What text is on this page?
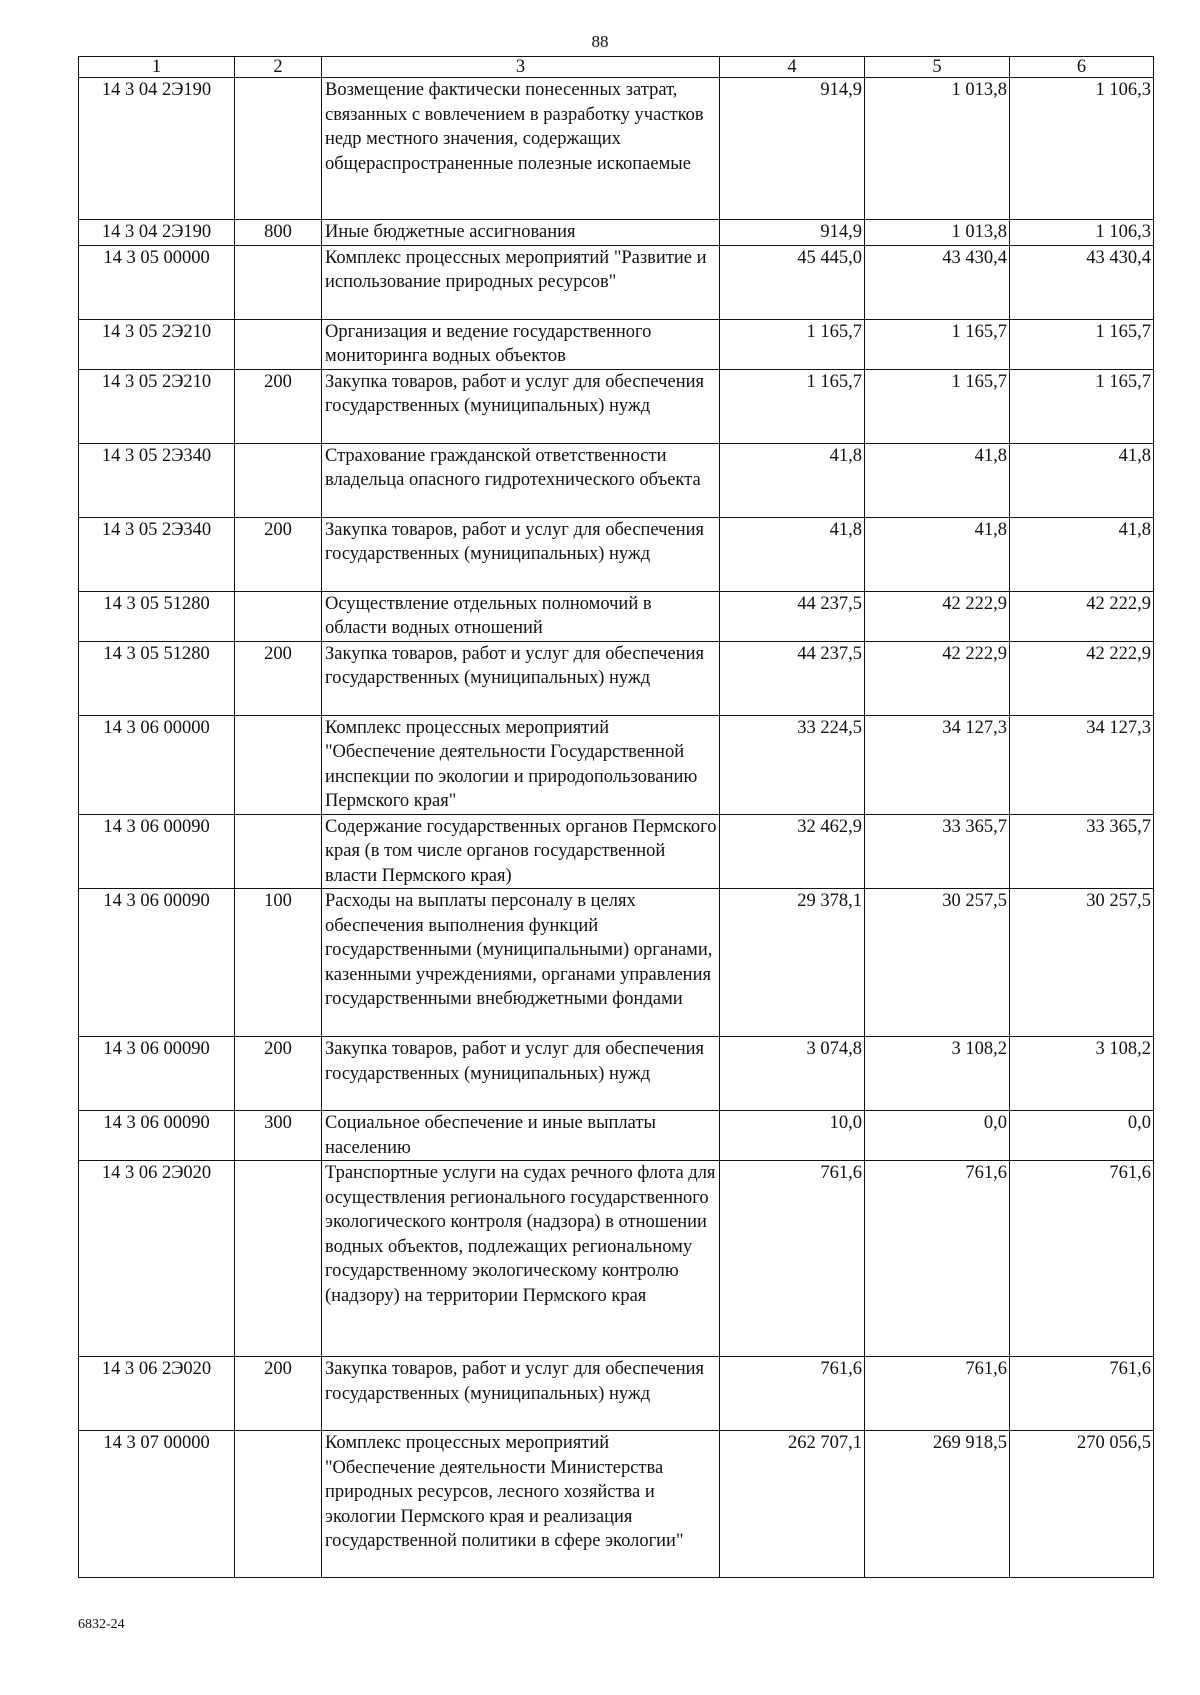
88
1	2	3	4	5	6
14 3 04 2Э190		Возмещение фактически понесенных затрат, связанных с вовлечением в разработку участков недр местного значения, содержащих общераспространенные полезные ископаемые	914,9	1 013,8	1 106,3
14 3 04 2Э190	800	Иные бюджетные ассигнования	914,9	1 013,8	1 106,3
14 3 05 00000		Комплекс процессных мероприятий "Развитие и использование природных ресурсов"	45 445,0	43 430,4	43 430,4
14 3 05 2Э210		Организация и ведение государственного мониторинга водных объектов	1 165,7	1 165,7	1 165,7
14 3 05 2Э210	200	Закупка товаров, работ и услуг для обеспечения государственных (муниципальных) нужд	1 165,7	1 165,7	1 165,7
14 3 05 2Э340		Страхование гражданской ответственности владельца опасного гидротехнического объекта	41,8	41,8	41,8
14 3 05 2Э340	200	Закупка товаров, работ и услуг для обеспечения государственных (муниципальных) нужд	41,8	41,8	41,8
14 3 05 51280		Осуществление отдельных полномочий в области водных отношений	44 237,5	42 222,9	42 222,9
14 3 05 51280	200	Закупка товаров, работ и услуг для обеспечения государственных (муниципальных) нужд	44 237,5	42 222,9	42 222,9
14 3 06 00000		Комплекс процессных мероприятий "Обеспечение деятельности Государственной инспекции по экологии и природопользованию Пермского края"	33 224,5	34 127,3	34 127,3
14 3 06 00090		Содержание государственных органов Пермского края (в том числе органов государственной власти Пермского края)	32 462,9	33 365,7	33 365,7
14 3 06 00090	100	Расходы на выплаты персоналу в целях обеспечения выполнения функций государственными (муниципальными) органами, казенными учреждениями, органами управления государственными внебюджетными фондами	29 378,1	30 257,5	30 257,5
14 3 06 00090	200	Закупка товаров, работ и услуг для обеспечения государственных (муниципальных) нужд	3 074,8	3 108,2	3 108,2
14 3 06 00090	300	Социальное обеспечение и иные выплаты населению	10,0	0,0	0,0
14 3 06 2Э020		Транспортные услуги на судах речного флота для осуществления регионального государственного экологического контроля (надзора) в отношении водных объектов, подлежащих региональному государственному экологическому контролю (надзору) на территории Пермского края	761,6	761,6	761,6
14 3 06 2Э020	200	Закупка товаров, работ и услуг для обеспечения государственных (муниципальных) нужд	761,6	761,6	761,6
14 3 07 00000		Комплекс процессных мероприятий "Обеспечение деятельности Министерства природных ресурсов, лесного хозяйства и экологии Пермского края и реализация государственной политики в сфере экологии"	262 707,1	269 918,5	270 056,5
6832-24
